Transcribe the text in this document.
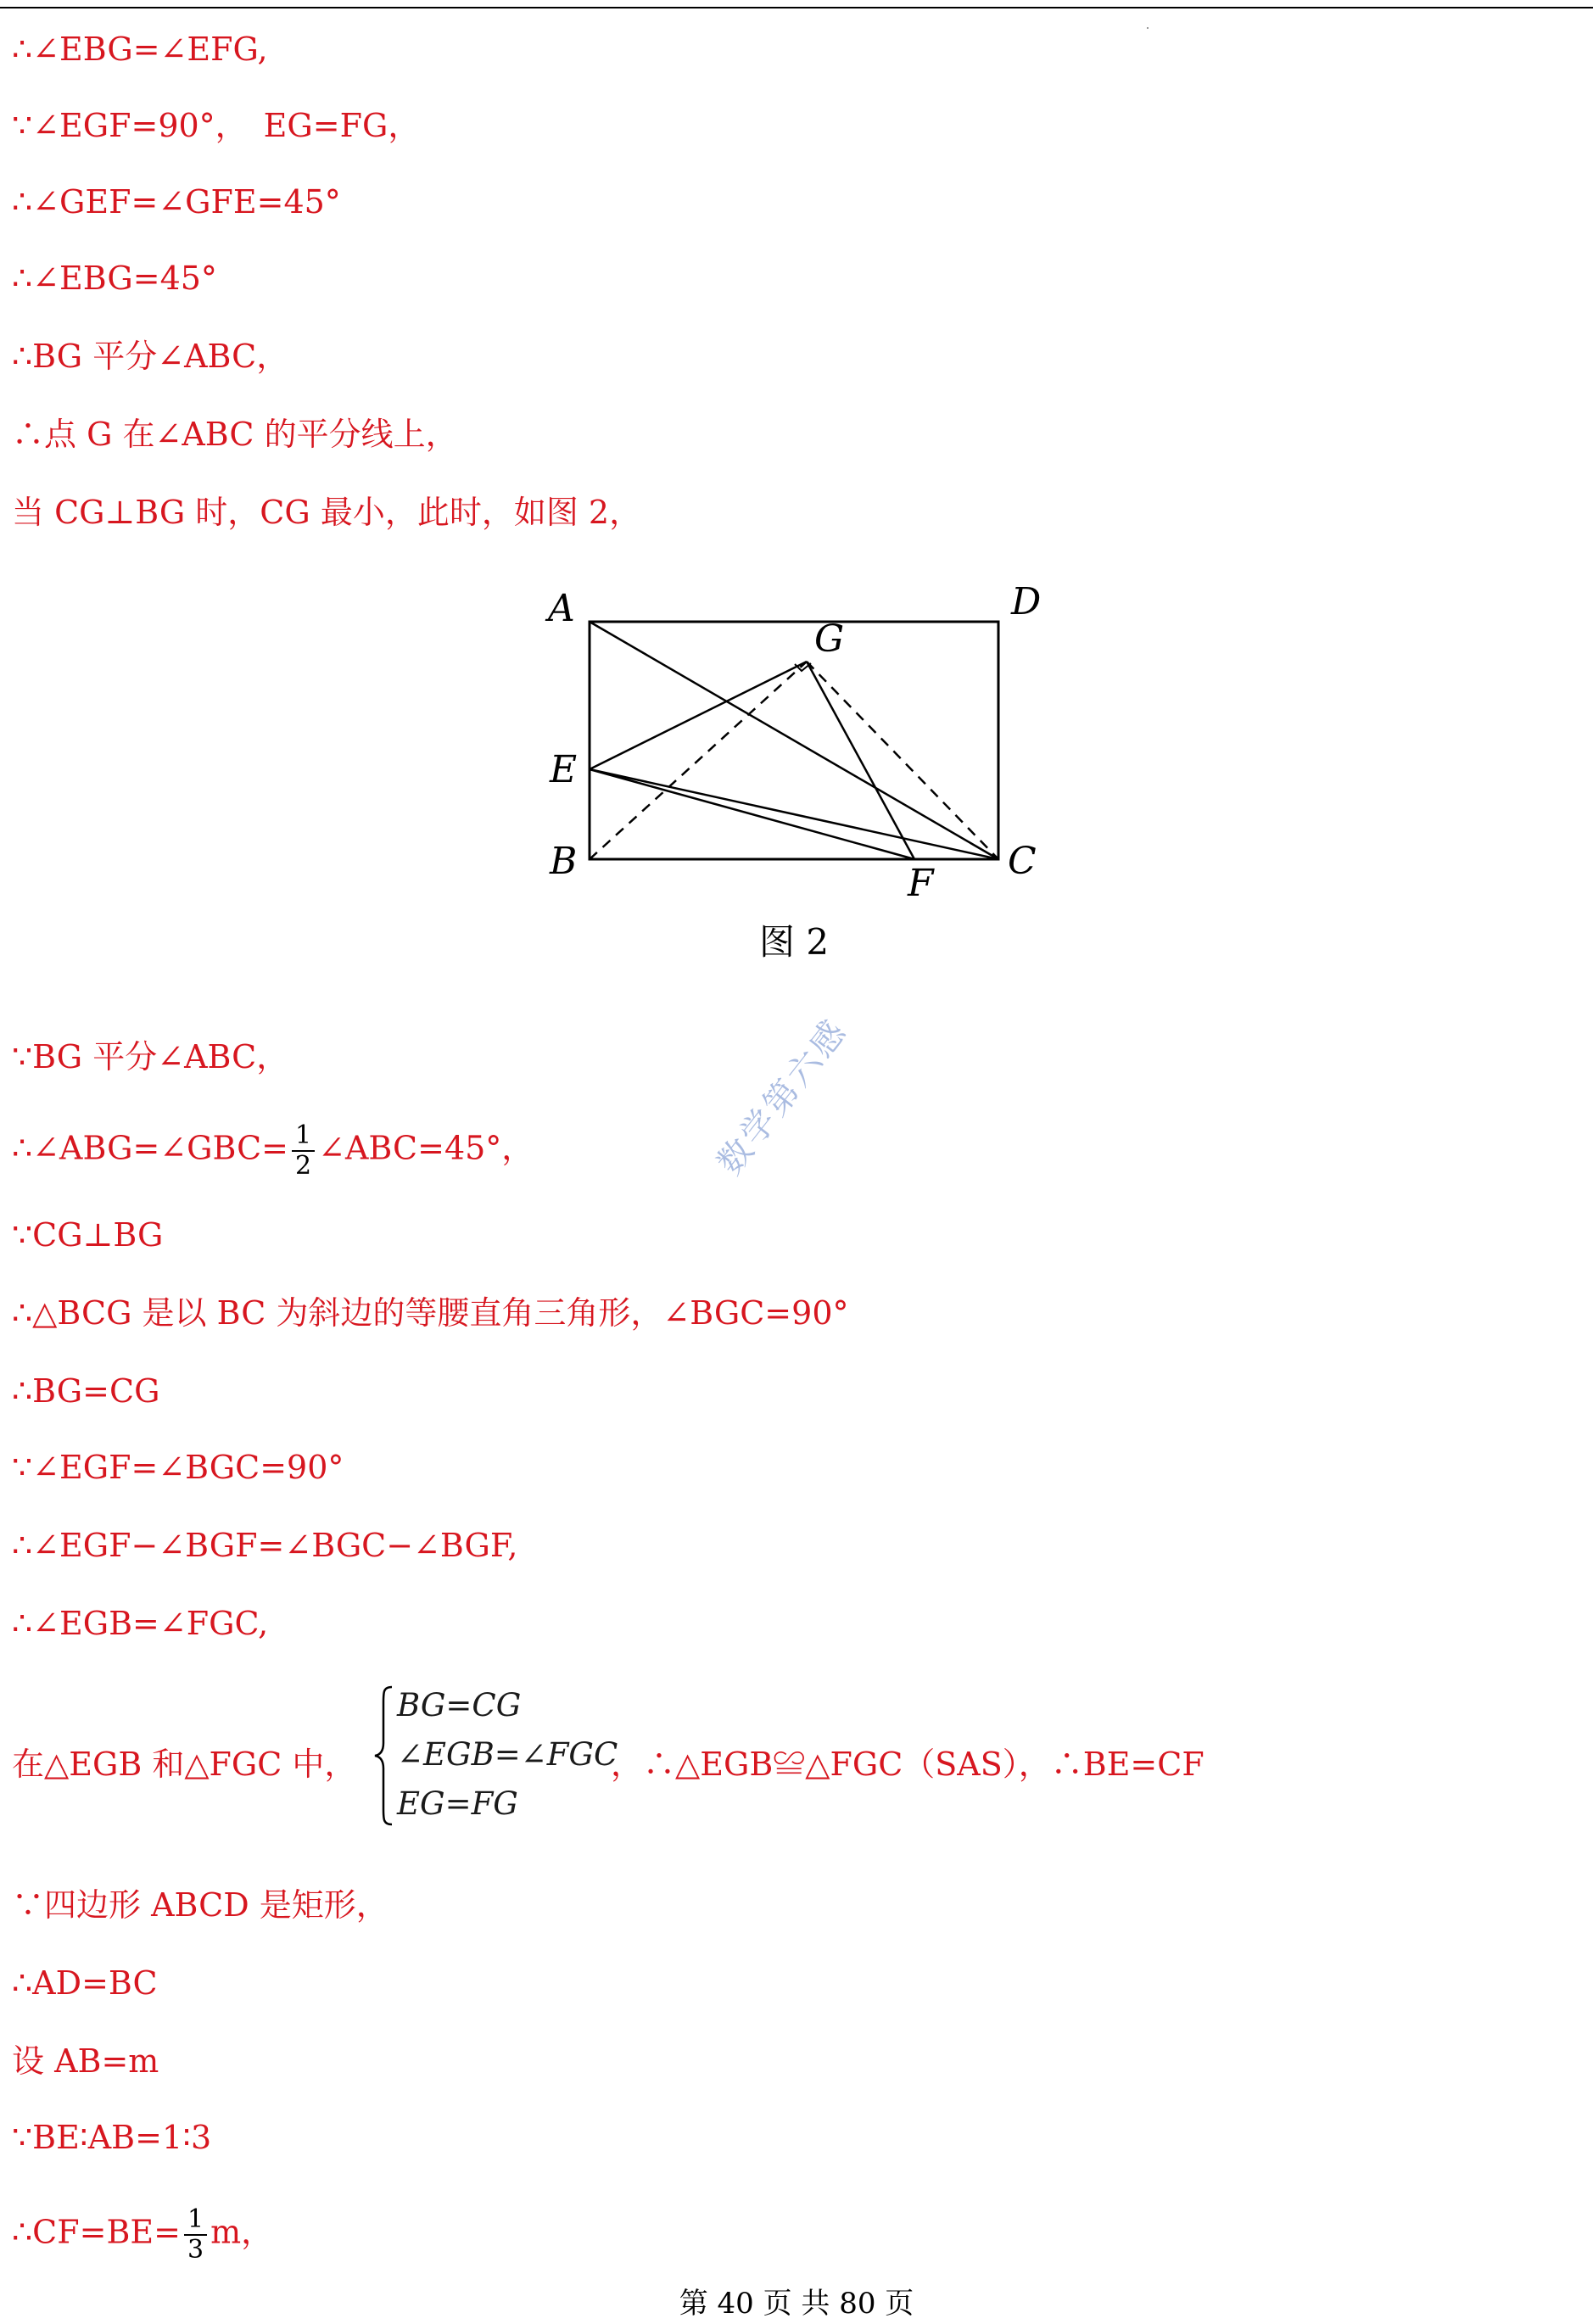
∴∠EBG=∠EFG,
∵∠EGF=90°，　EG=FG，
∴∠GEF=∠GFE=45°
∴∠EBG=45°
∴BG 平分∠ABC，
∴点 G 在∠ABC 的平分线上，
当 CG⊥BG 时，CG 最小，此时，如图 2，
A	D
G
E
B
F
C
图 2
数学第六感
∵BG 平分∠ABC，
∴∠ABG=∠GBC= $\frac{1}{2}$ ∠ABC=45°，
∵CG⊥BG
∴△BCG 是以 BC 为斜边的等腰直角三角形，∠BGC=90°
∴BG=CG
∵∠EGF=∠BGC=90°
∴∠EGF−∠BGF=∠BGC−∠BGF,
∴∠EGB=∠FGC,
在△EGB 和△FGC 中，
BG=CG
∠EGB=∠FGC
EG=FG
，∴△EGB≌△FGC（SAS），∴BE=CF
∵四边形 ABCD 是矩形，
∴AD=BC
设 AB=m
∵BE∶AB=1∶3
∴CF=BE= $\frac{1}{3}$ m，
第 40 页 共 80 页
